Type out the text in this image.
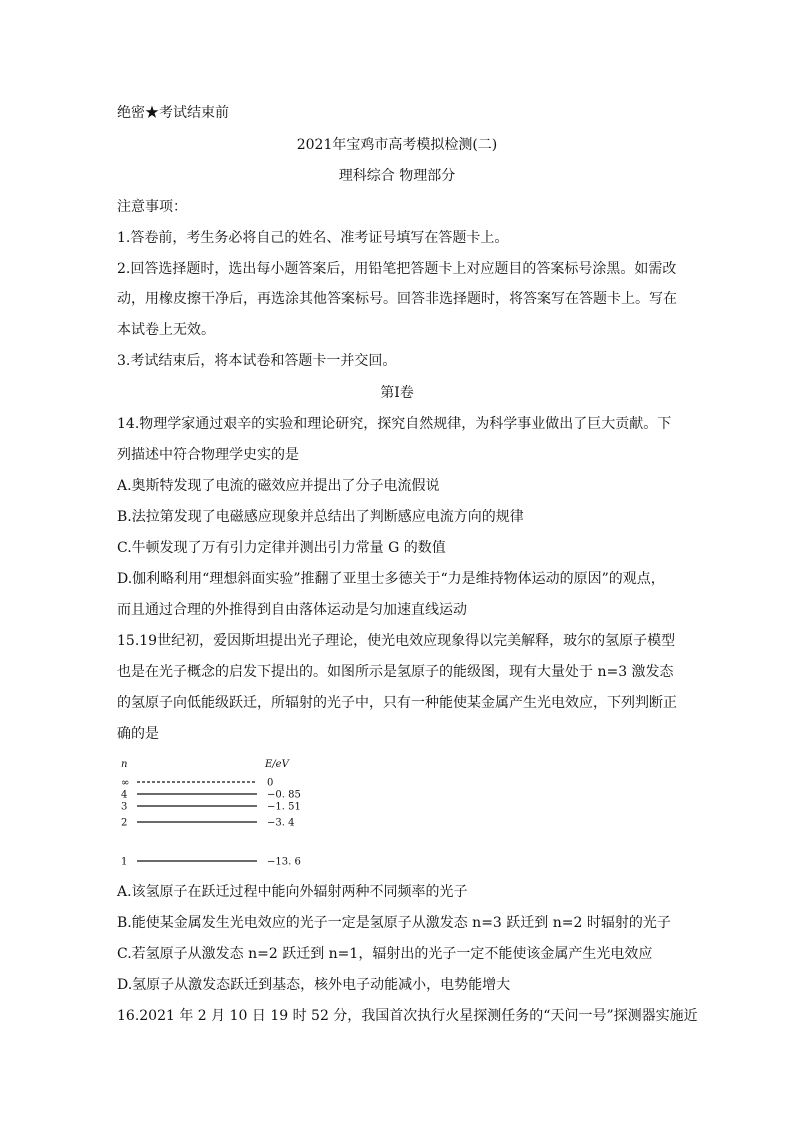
绝密★考试结束前
2021年宝鸡市高考模拟检测(二)
理科综合 物理部分
注意事项：
1.答卷前，考生务必将自己的姓名、准考证号填写在答题卡上。
2.回答选择题时，选出每小题答案后，用铅笔把答题卡上对应题目的答案标号涂黑。如需改
动，用橡皮擦干净后，再选涂其他答案标号。回答非选择题时，将答案写在答题卡上。写在
本试卷上无效。
3.考试结束后，将本试卷和答题卡一并交回。
第Ⅰ卷
14.物理学家通过艰辛的实验和理论研究，探究自然规律，为科学事业做出了巨大贡献。下
列描述中符合物理学史实的是
A.奥斯特发现了电流的磁效应并提出了分子电流假说
B.法拉第发现了电磁感应现象并总结出了判断感应电流方向的规律
C.牛顿发现了万有引力定律并测出引力常量 G 的数值
D.伽利略利用“理想斜面实验”推翻了亚里士多德关于“力是维持物体运动的原因”的观点，
而且通过合理的外推得到自由落体运动是匀加速直线运动
15.19世纪初，爱因斯坦提出光子理论，使光电效应现象得以完美解释，玻尔的氢原子模型
也是在光子概念的启发下提出的。如图所示是氢原子的能级图，现有大量处于 n=3 激发态
的氢原子向低能级跃迁，所辐射的光子中，只有一种能使某金属产生光电效应，下列判断正
确的是
n	E/eV
∞	0
4	−0. 85
3	−1. 51
2	−3. 4
1	−13. 6
A.该氢原子在跃迁过程中能向外辐射两种不同频率的光子
B.能使某金属发生光电效应的光子一定是氢原子从激发态 n=3 跃迁到 n=2 时辐射的光子
C.若氢原子从激发态 n=2 跃迁到 n=1，辐射出的光子一定不能使该金属产生光电效应
D.氢原子从激发态跃迁到基态，核外电子动能减小，电势能增大
16.2021 年 2 月 10 日 19 时 52 分，我国首次执行火星探测任务的“天问一号”探测器实施近
